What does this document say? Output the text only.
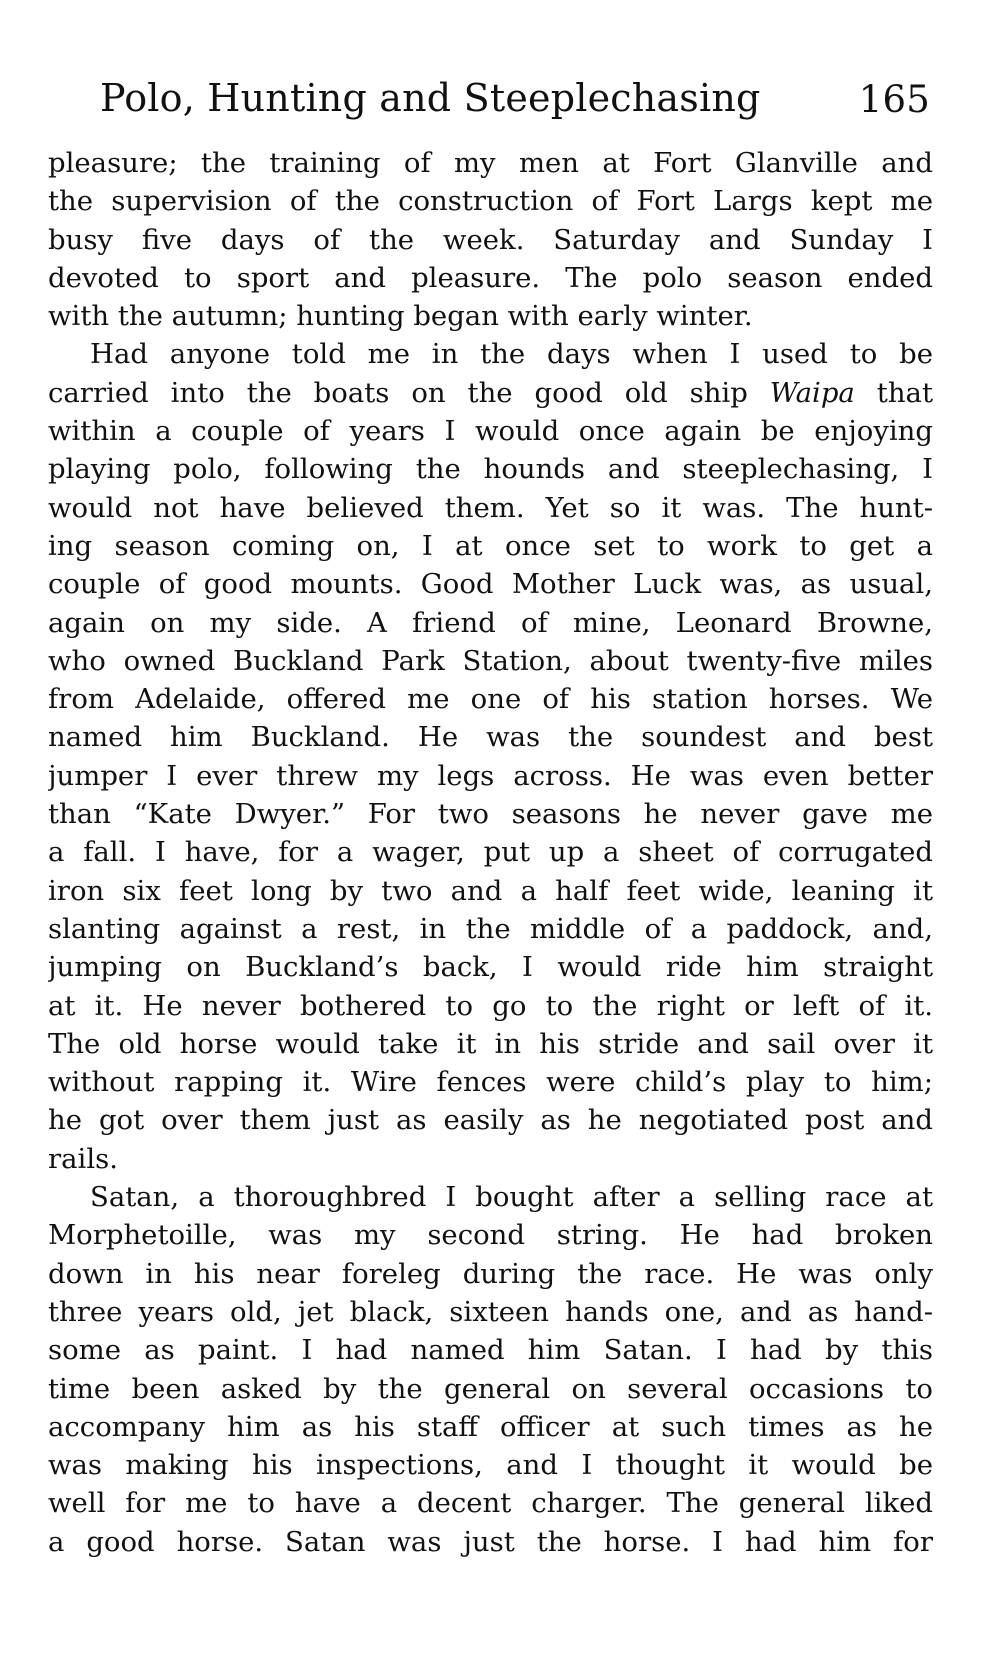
Polo, Hunting and Steeplechasing	165
pleasure; the training of my men at Fort Glanville and
the supervision of the construction of Fort Largs kept me
busy five days of the week. Saturday and Sunday I
devoted to sport and pleasure. The polo season ended
with the autumn; hunting began with early winter.
Had anyone told me in the days when I used to be
carried into the boats on the good old ship Waipa that
within a couple of years I would once again be enjoying
playing polo, following the hounds and steeplechasing, I
would not have believed them. Yet so it was. The hunt-
ing season coming on, I at once set to work to get a
couple of good mounts. Good Mother Luck was, as usual,
again on my side. A friend of mine, Leonard Browne,
who owned Buckland Park Station, about twenty-five miles
from Adelaide, offered me one of his station horses. We
named him Buckland. He was the soundest and best
jumper I ever threw my legs across. He was even better
than “Kate Dwyer.” For two seasons he never gave me
a fall. I have, for a wager, put up a sheet of corrugated
iron six feet long by two and a half feet wide, leaning it
slanting against a rest, in the middle of a paddock, and,
jumping on Buckland’s back, I would ride him straight
at it. He never bothered to go to the right or left of it.
The old horse would take it in his stride and sail over it
without rapping it. Wire fences were child’s play to him;
he got over them just as easily as he negotiated post and
rails.
Satan, a thoroughbred I bought after a selling race at
Morphetoille, was my second string. He had broken
down in his near foreleg during the race. He was only
three years old, jet black, sixteen hands one, and as hand-
some as paint. I had named him Satan. I had by this
time been asked by the general on several occasions to
accompany him as his staff officer at such times as he
was making his inspections, and I thought it would be
well for me to have a decent charger. The general liked
a good horse. Satan was just the horse. I had him for
